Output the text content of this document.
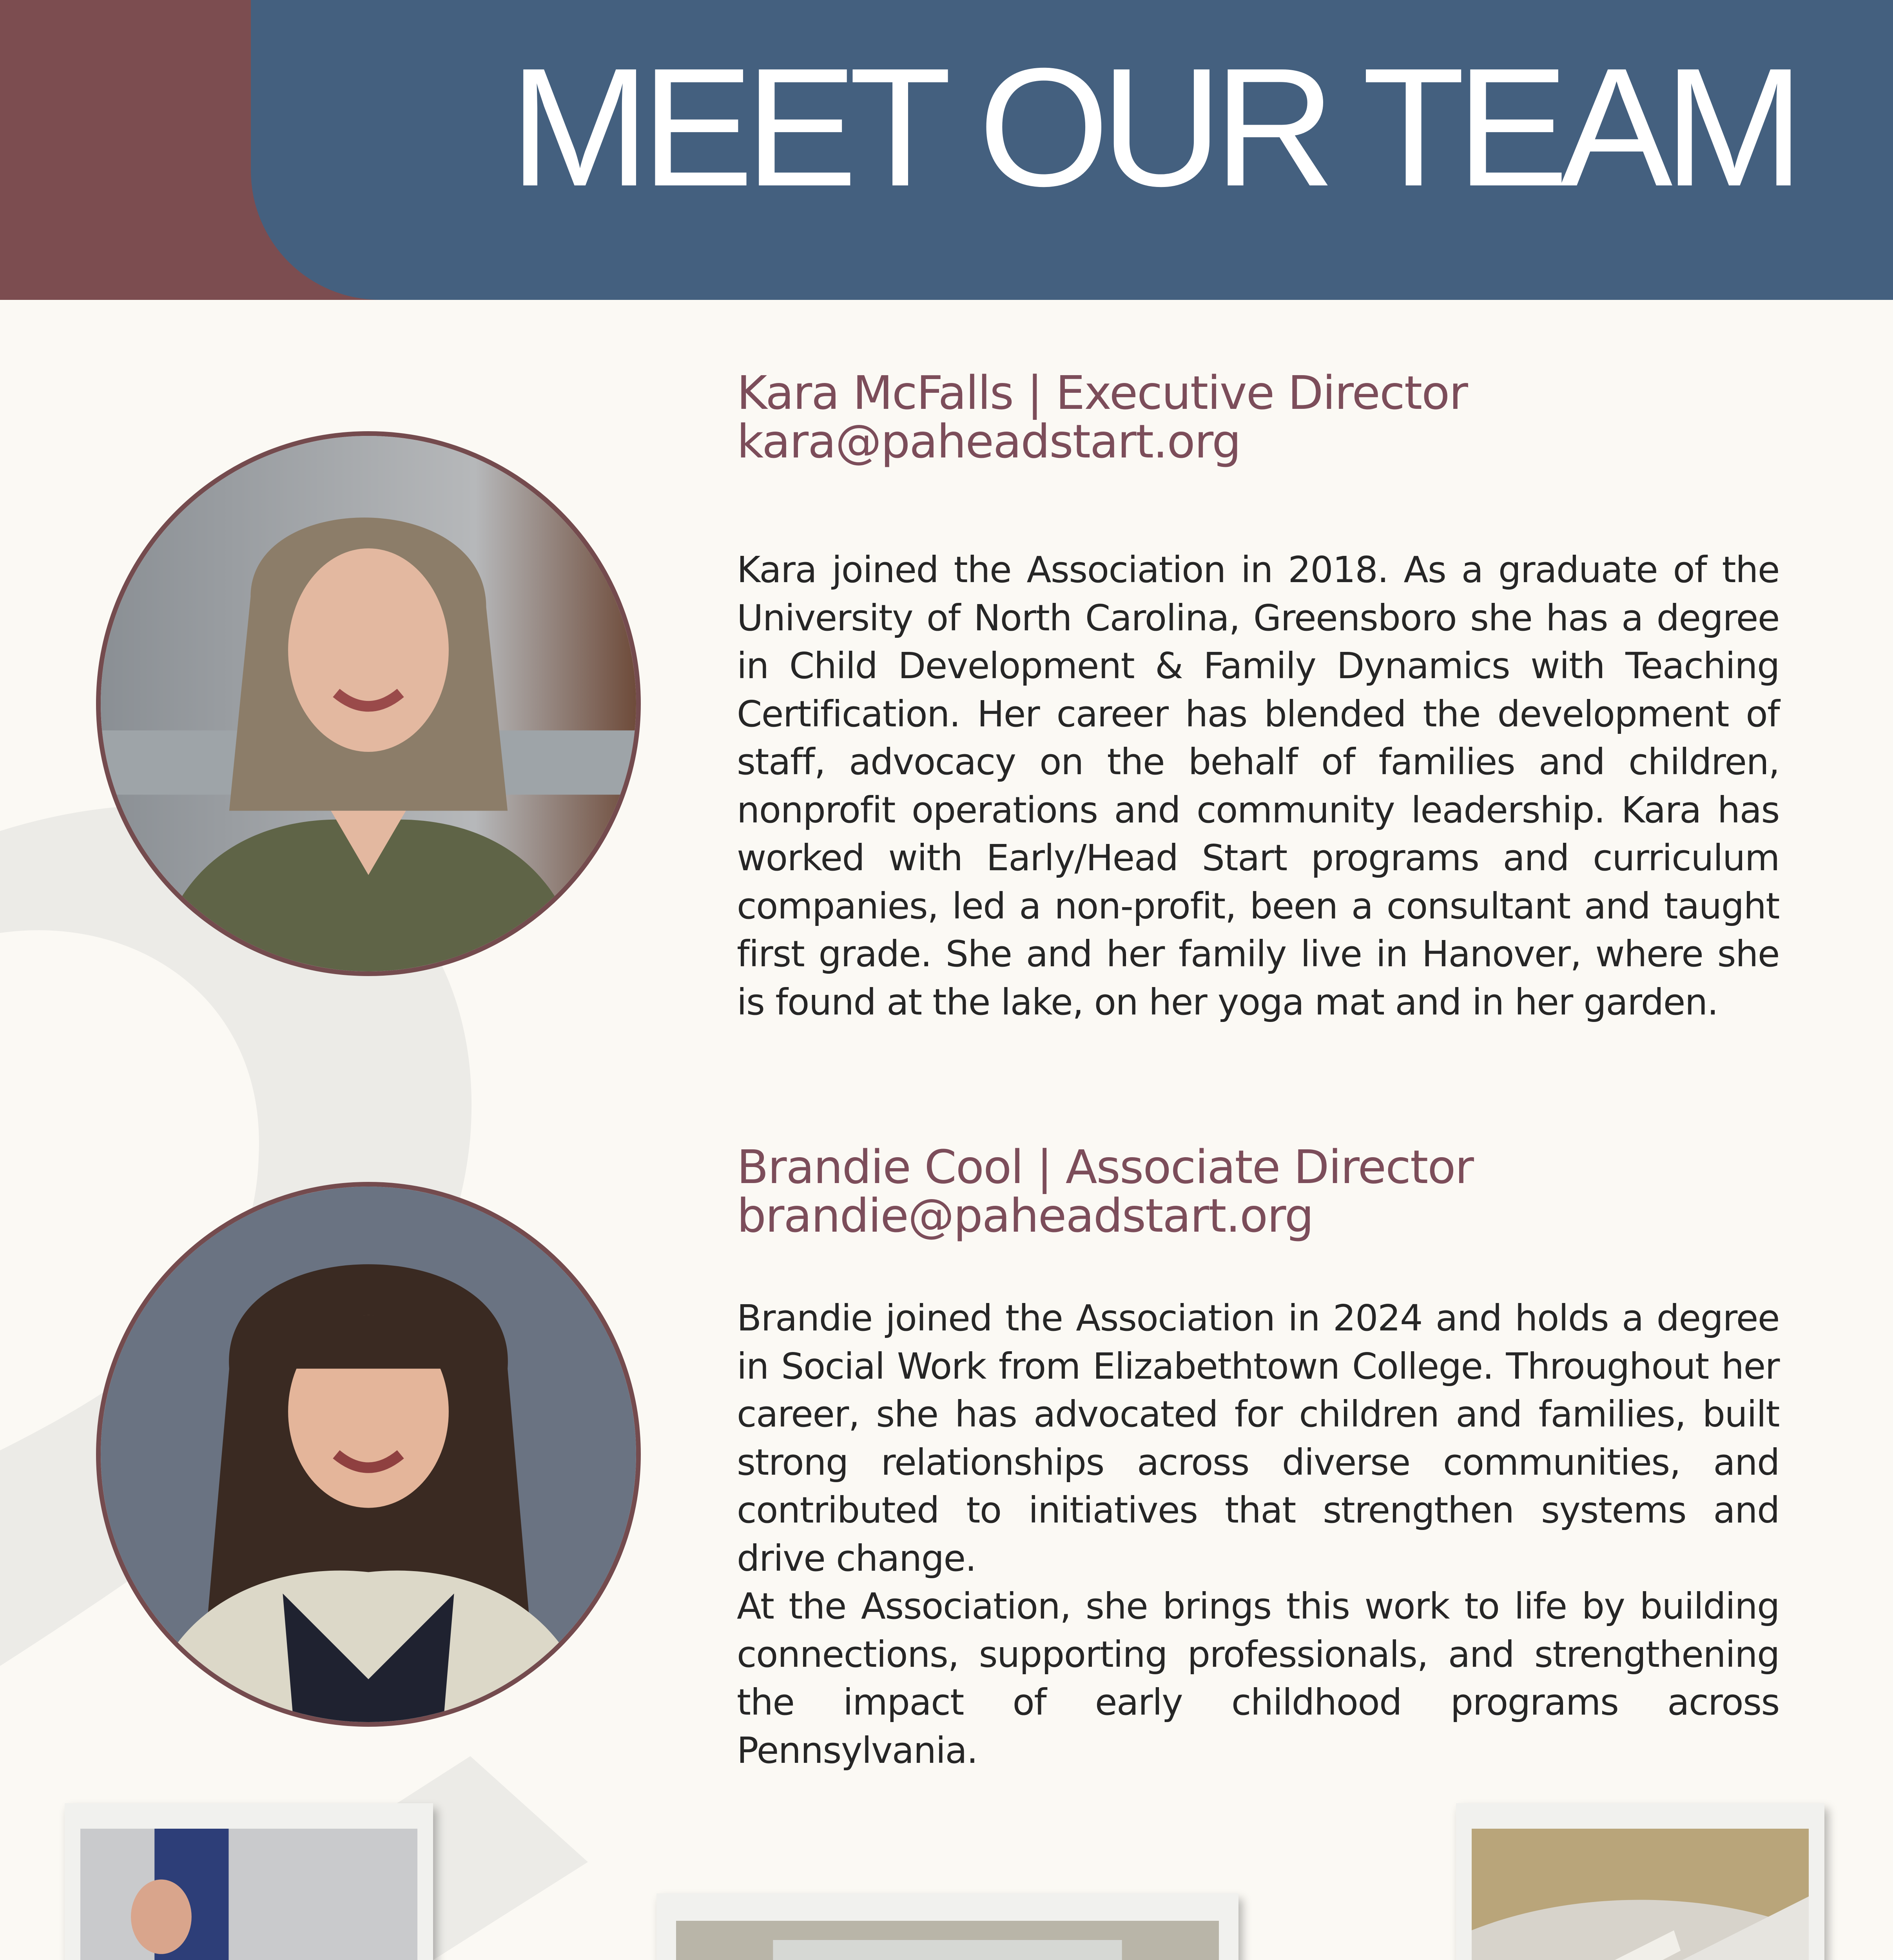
MEET OUR TEAM
Kara McFalls | Executive Director
kara@paheadstart.org
Kara joined the Association in 2018. As a graduate of the University of North Carolina, Greensboro she has a degree in Child Development & Family Dynamics with Teaching Certification. Her career has blended the development of staff, advocacy on the behalf of families and children, nonprofit operations and community leadership. Kara has worked with Early/Head Start programs and curriculum companies, led a non-profit, been a consultant and taught first grade. She and her family live in Hanover, where she is found at the lake, on her yoga mat and in her garden.
Brandie Cool | Associate Director
brandie@paheadstart.org

Brandie joined the Association in 2024 and holds a degree in Social Work from Elizabethtown College. Throughout her career, she has advocated for children and families, built strong relationships across diverse communities, and contributed to initiatives that strengthen systems and drive change.

At the Association, she brings this work to life by building connections, supporting professionals, and strengthening the impact of early childhood programs across Pennsylvania.
